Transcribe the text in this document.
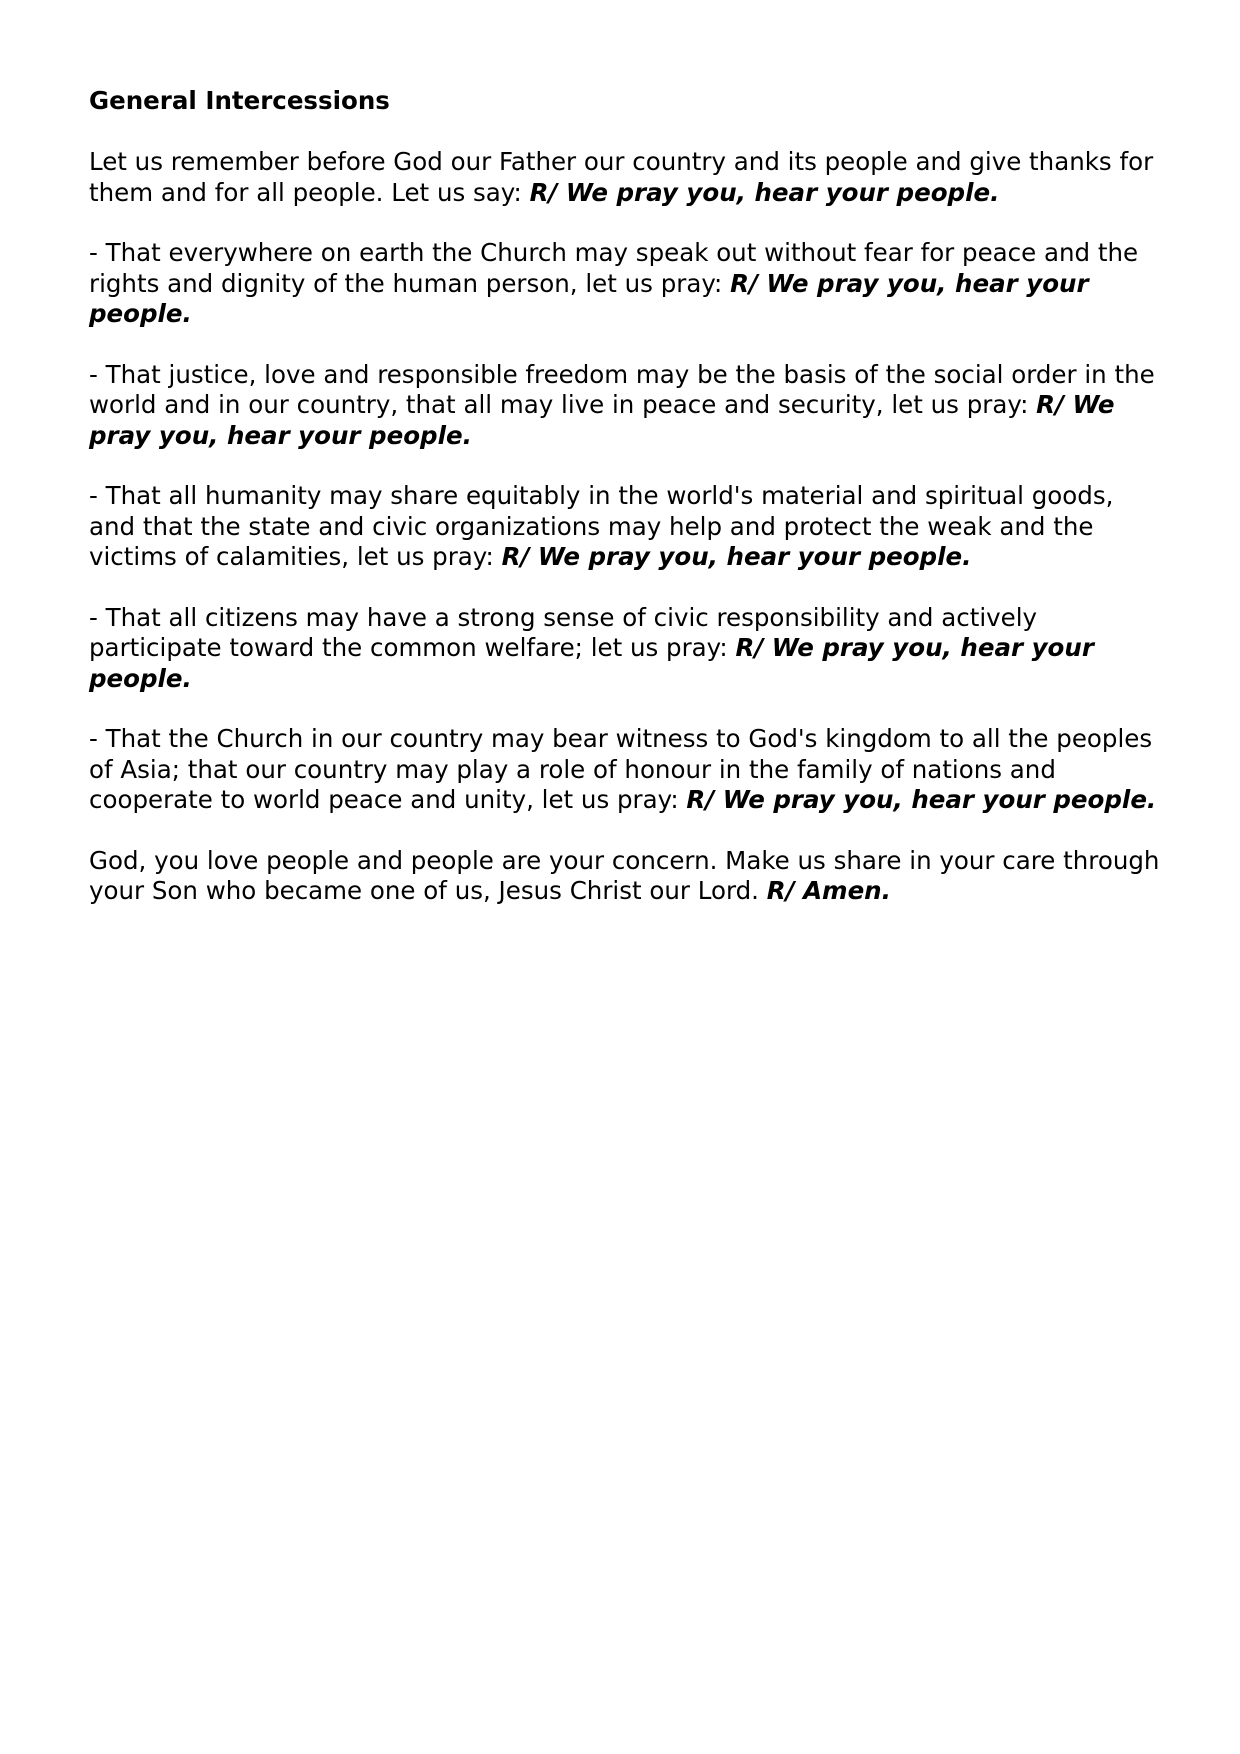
General Intercessions

Let us remember before God our Father our country and its people and give thanks for them and for all people. Let us say: R/ We pray you, hear your people.

- That everywhere on earth the Church may speak out without fear for peace and the rights and dignity of the human person, let us pray: R/ We pray you, hear your people.

- That justice, love and responsible freedom may be the basis of the social order in the world and in our country, that all may live in peace and security, let us pray: R/ We pray you, hear your people.

- That all humanity may share equitably in the world's material and spiritual goods, and that the state and civic organizations may help and protect the weak and the victims of calamities, let us pray: R/ We pray you, hear your people.

- That all citizens may have a strong sense of civic responsibility and actively participate toward the common welfare; let us pray: R/ We pray you, hear your people.

- That the Church in our country may bear witness to God's kingdom to all the peoples of Asia; that our country may play a role of honour in the family of nations and cooperate to world peace and unity, let us pray: R/ We pray you, hear your people.

God, you love people and people are your concern. Make us share in your care through your Son who became one of us, Jesus Christ our Lord. R/ Amen.
